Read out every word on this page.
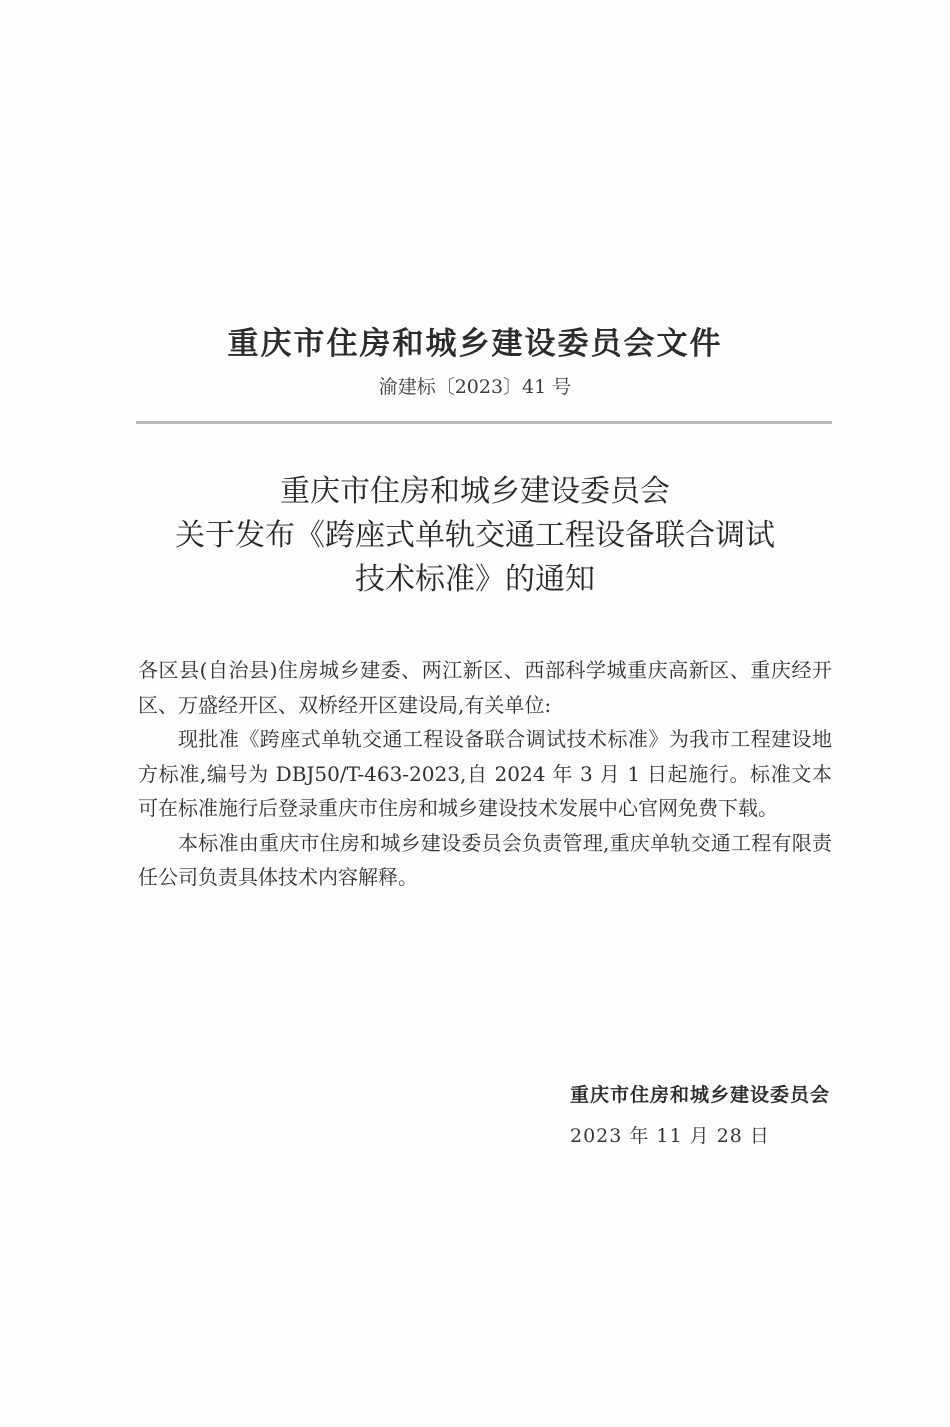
重庆市住房和城乡建设委员会文件
渝建标〔2023〕41 号
重庆市住房和城乡建设委员会
关于发布《跨座式单轨交通工程设备联合调试
技术标准》的通知

各区县(自治县)住房城乡建委、两江新区、西部科学城重庆高新区、重庆经开区、万盛经开区、双桥经开区建设局,有关单位:

现批准《跨座式单轨交通工程设备联合调试技术标准》为我市工程建设地方标准,编号为 DBJ50/T-463-2023,自 2024 年 3 月 1 日起施行。标准文本可在标准施行后登录重庆市住房和城乡建设技术发展中心官网免费下载。

本标准由重庆市住房和城乡建设委员会负责管理,重庆单轨交通工程有限责任公司负责具体技术内容解释。

重庆市住房和城乡建设委员会
2023 年 11 月 28 日
